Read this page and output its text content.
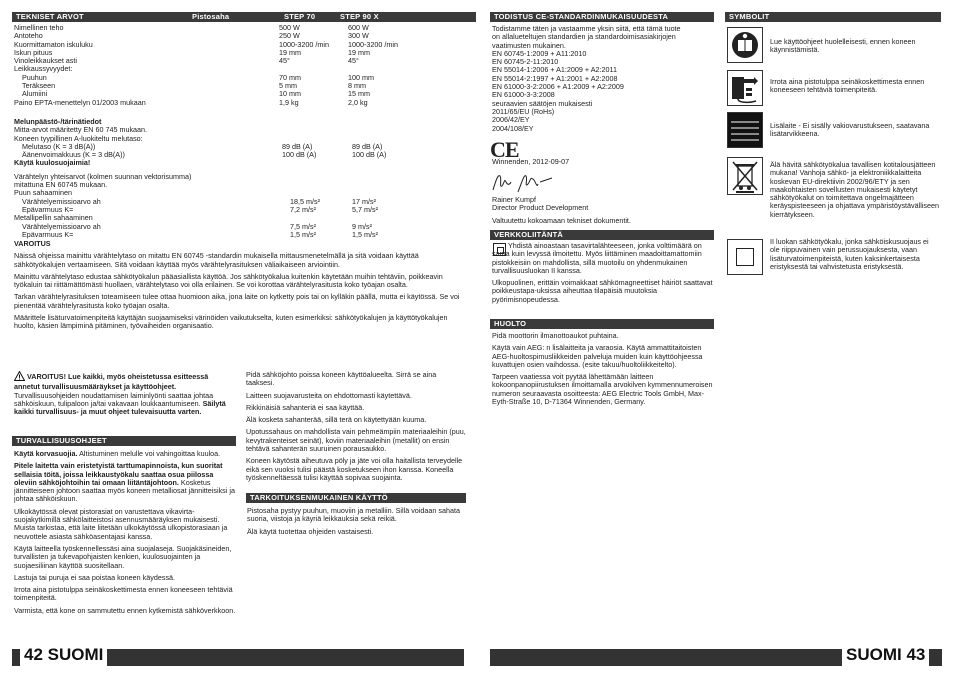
TEKNISET ARVOT	Pistosaha	STEP 70	STEP 90 X
Nimellinen teho	500 W	600 W
Antoteho	250 W	300 W
Kuormittamaton iskuluku	1000-3200 /min	1000-3200 /min
Iskun pituus	19 mm	19 mm
Vinoleikkaukset asti	45°	45°
Leikkaussyvyydet:
Puuhun	70 mm	100 mm
Teräkseen	5 mm	8 mm
Alumiini	10 mm	15 mm
Paino EPTA-menettelyn 01/2003 mukaan	1,9 kg	2,0 kg
Melunpäästö-/tärinätiedot
Mitta-arvot määritetty EN 60 745 mukaan.
Koneen tyypillinen A-luokiteltu melutaso:
Melutaso (K = 3 dB(A))	89 dB (A)	89 dB (A)
Äänenvoimakkuus (K = 3 dB(A))	100 dB (A)	100 dB (A)
Käytä kuulosuojaimia!
Värähtelyn yhteisarvot (kolmen suunnan vektorisumma)
mitattuna EN 60745 mukaan.
Puun sahaaminen
Värähtelyemissioarvo ah	18,5 m/s²	17 m/s²
Epävarmuus K=	7,2 m/s²	5,7 m/s²
Metallipellin sahaaminen
Värähtelyemissioarvo ah	7,5 m/s²	9 m/s²
Epävarmuus K=	1,5 m/s²	1,5 m/s²
VAROITUS

Näissä ohjeissa mainittu värähtelytaso on mitattu EN 60745 -standardin mukaisella mittausmenetelmällä ja sitä voidaan käyttää sähkötyökalujen vertaamiseen. Sitä voidaan käyttää myös värähtelyrasituksen väliaikaiseen arviointiin.

Mainittu värähtelytaso edustaa sähkötyökalun pääasiallista käyttöä. Jos sähkötyökalua kuitenkin käytetään muihin tehtäviin, poikkeavin työkaluin tai riittämättömästi huollaen, värähtelytaso voi olla erilainen. Se voi korottaa värähtelyrasitusta koko työajan osalta.

Tarkan värähtelyrasituksen toteamiseen tulee ottaa huomioon aika, jona laite on kytketty pois tai on kylläkin päällä, mutta ei käytössä. Se voi pienentää värähtelyrasitusta koko työajan osalta.

Määrittele lisäturvatoimenpiteitä käyttäjän suojaamiseksi värinöiden vaikutukselta, kuten esimerkiksi: sähkötyökalujen ja käyttötyökalujen huolto, käsien lämpiminä pitäminen, työvaiheiden organisaatio.

VAROITUS! Lue kaikki, myös oheistetussa esitteessä annetut turvallisuusmääräykset ja käyttöohjeet. Turvallisuusohjeiden noudattamisen laiminlyönti saattaa johtaa sähköiskuun, tulipaloon ja/tai vakavaan loukkaantumiseen. Säilytä kaikki turvallisuus- ja muut ohjeet tulevaisuutta varten.
TURVALLISUUSOHJEET

Käytä korvasuojia. Altistuminen melulle voi vahingoittaa kuuloa.

Pitele laitetta vain eristetyistä tarttumapinnoista, kun suoritat sellaisia töitä, joissa leikkaustyökalu saattaa osua piilossa oleviin sähköjohtoihin tai omaan liitäntäjohtoon. Kosketus jännitteiseen johtoon saattaa myös koneen metalliosat jännitteisiksi ja johtaa sähköiskuun.

Ulkokäytössä olevat pistorasiat on varustettava vikavirta-suojakytkimillä sähkölaitteistosi asennusmääräyksen mukaisesti. Muista tarkistaa, että laite liitetään ulkokäytössä ulkopistorasiaan ja neuvottele asiasta sähköasentajasi kanssa.

Käytä laitteella työskennellessäsi aina suojalaseja. Suojakäsineiden, turvallisten ja tukevapohjaisten kenkien, kuulosuojainten ja suojaesiliinan käyttöä suositellaan.

Lastuja tai puruja ei saa poistaa koneen käydessä.

Irrota aina pistotulppa seinäkoskettimesta ennen koneeseen tehtäviä toimenpiteitä.

Varmista, että kone on sammutettu ennen kytkemistä sähköverkkoon.

Pidä sähköjohto poissa koneen käyttöalueelta. Sirrä se aina taaksesi.

Laitteen suojavarusteita on ehdottomasti käytettävä.

Rikkinäisiä sahanteriä ei saa käyttää.

Älä kosketa sahanterää, sillä terä on käytettyään kuuma.

Upotussahaus on mahdollista vain pehmeämpiin materiaaleihin (puu, kevytrakenteiset seinät), koviin materiaaleihin (metallit) on ensin tehtävä sahanterän suuruinen porausaukko.

Koneen käytöstä aiheutuva pöly ja jäte voi olla haitallista terveydelle eikä sen vuoksi tulisi päästä kosketukseen ihon kanssa. Koneella työskenneltäessä tulisi käyttää sopivaa suojainta.

TARKOITUKSENMUKAINEN KÄYTTÖ

Pistosaha pystyy puuhun, muoviin ja metalliin. Sillä voidaan sahata suoria, viistoja ja käyriä leikkauksia sekä reikiä.

Älä käytä tuotettaa ohjeiden vastaisesti.

42 SUOMI
TODISTUS CE-STANDARDINMUKAISUUDESTA
Todistamme täten ja vastaamme yksin siitä, että tämä tuote
on allalueteltujen standardien ja standardoimisasiakirjojen
vaatimusten mukainen.
EN 60745-1:2009 + A11:2010
EN 60745-2-11:2010
EN 55014-1:2006 + A1:2009 + A2:2011
EN 55014-2:1997 + A1:2001 + A2:2008
EN 61000-3-2:2006 + A1:2009 + A2:2009
EN 61000-3-3:2008
seuraavien säätöjen mukaisesti
2011/65/EU (RoHs)
2006/42/EY
2004/108/EY
CE
Winnenden, 2012-09-07
Rainer Kumpf
Director Product Development
Valtuutettu kokoamaan tekniset dokumentit.
VERKKOLIITÄNTÄ

Yhdistä ainoastaan tasavirtalähteeseen, jonka volttimäärä on sama kuin levyssä ilmoitettu. Myös liittäminen maadoittamattomiin pistokkeisiin on mahdollista, sillä muotoilu on yhdenmukainen turvallisuusluokan II kanssa.

Ulkopuolinen, erittäin voimakkaat sähkömagneettiset häiriöt saattavat poikkeustapa-uksissa aiheuttaa tilapäisiä muutoksia pyörimisnopeudessa.

HUOLTO

Pidä moottorin ilmanottoaukot puhtaina.

Käytä vain AEG: n lisälaitteita ja varaosia. Käytä ammattitaitoisten AEG-huoltospimusliikkeiden palveluja muiden kuin käyttöohjeessa kuvattujen osien vaihdossa. (esite takuu/huoltoliikkeitelto).

Tarpeen vaatiessa voit pyytää lähettämään laitteen kokoonpanopiirustuksen ilmoittamalla arvokilven kymmennumeroisen numeron seuraavasta osoitteesta: AEG Electric Tools GmbH, Max-Eyth-Straße 10, D-71364 Winnenden, Germany.

SYMBOLIT
Lue käyttöohjeet huolelleisesti, ennen koneen käynnistämistä.
Irrota aina pistotulppa seinäkoskettimesta ennen koneeseen tehtäviä toimenpiteitä.
Lisälaite - Ei sisälly vakiovarustukseen, saatavana lisätarvikkeena.
Älä hävitä sähkötyökalua tavallisen kotitalousjätteen mukana! Vanhoja sähkö- ja elektroniikkalaitteita koskevan EU-direktiivin 2002/96/ETY ja sen maakohtaisten sovellusten mukaisesti käytetyt sähkötyökalut on toimitettava ongelmajätteen keräyspisteeseen ja ohjattava ympäristöystävälliseen kierrätykseen.
II luokan sähkötyökalu, jonka sähköiskusuojaus ei ole riippuvainen vain perussuojauksesta, vaan lisäturvatoimenpiteistä, kuten kaksinkertaisesta eristyksestä tai vahvistetusta eristyksestä.
SUOMI 43
